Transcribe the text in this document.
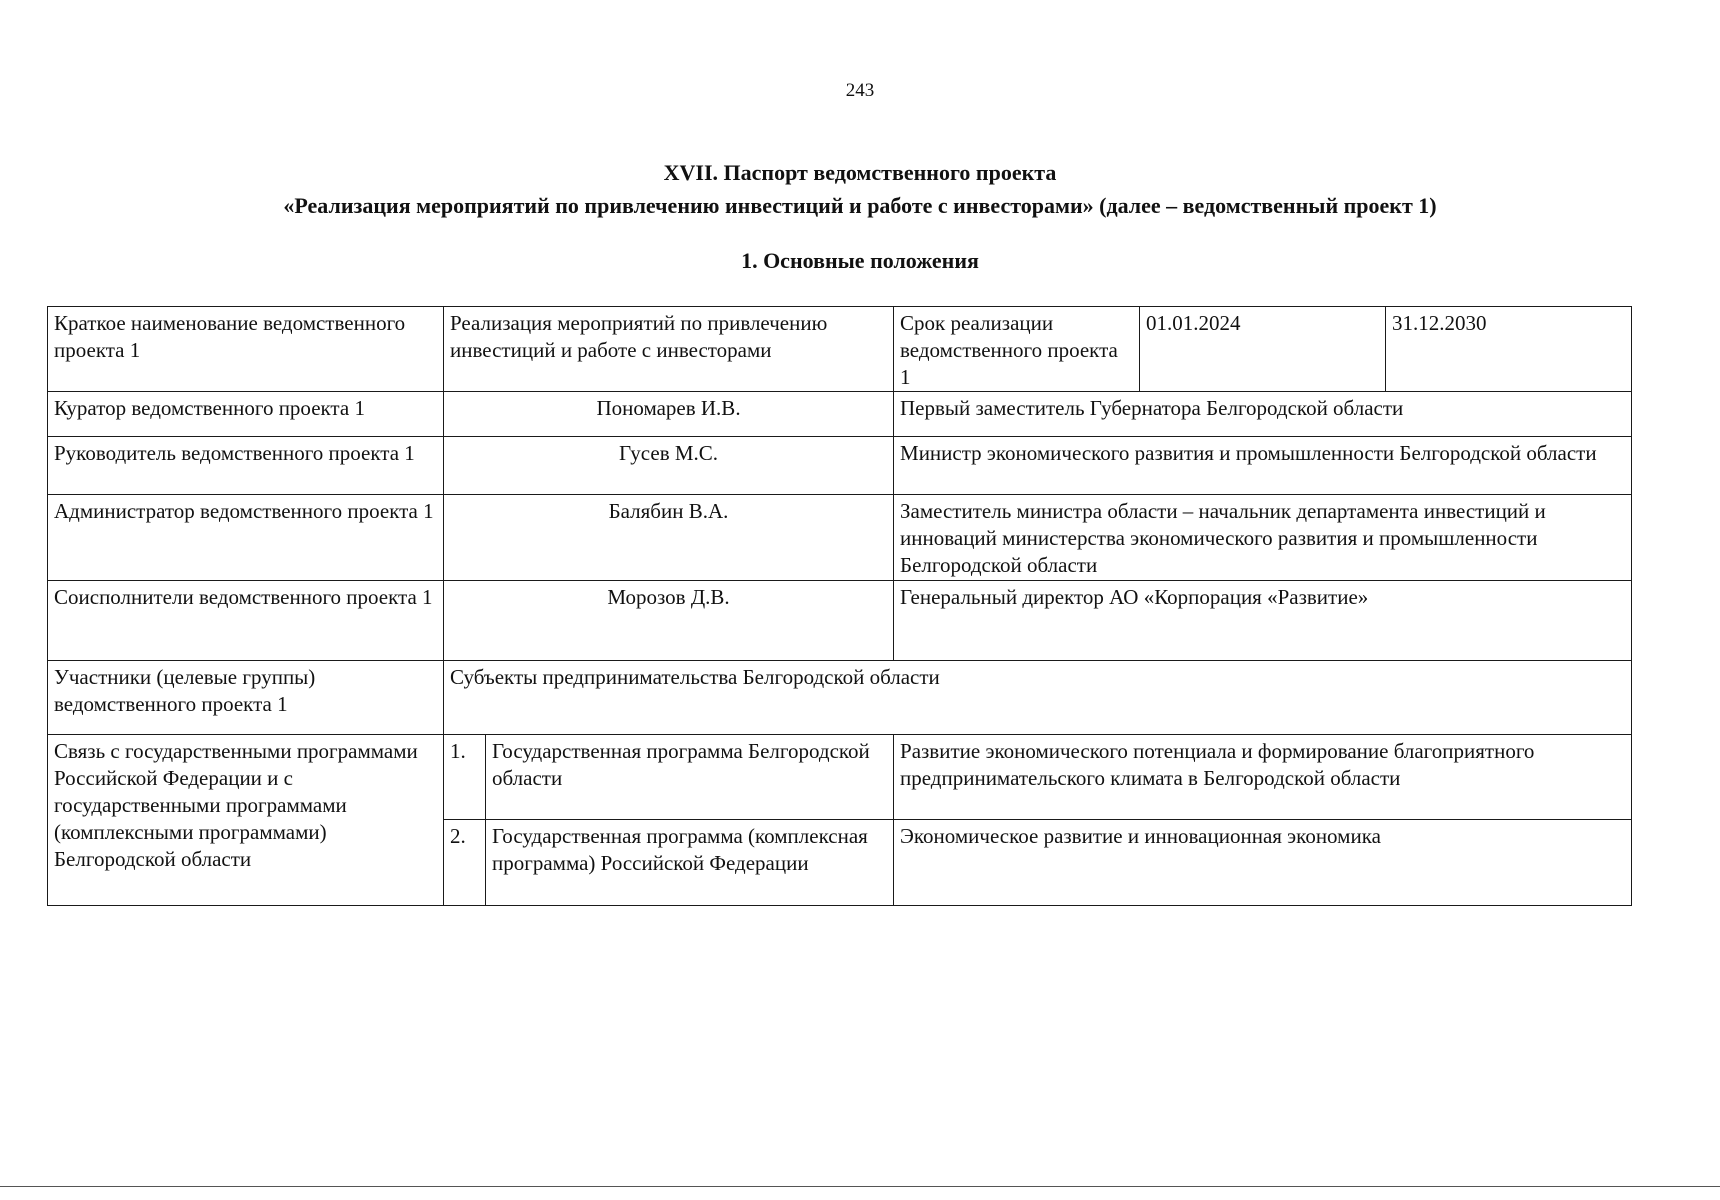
243
XVII. Паспорт ведомственного проекта
«Реализация мероприятий по привлечению инвестиций и работе с инвесторами» (далее – ведомственный проект 1)
1. Основные положения
Краткое наименование ведомственного проекта 1	Реализация мероприятий по привлечению инвестиций и работе с инвесторами		Срок реализации ведомственного проекта 1	01.01.2024	31.12.2030
Куратор ведомственного проекта 1	Пономарев И.В.		Первый заместитель Губернатора Белгородской области		
Руководитель ведомственного проекта 1	Гусев М.С.		Министр экономического развития и промышленности Белгородской области		
Администратор ведомственного проекта 1	Балябин В.А.		Заместитель министра области – начальник департамента инвестиций и инноваций министерства экономического развития и промышленности Белгородской области		
Соисполнители ведомственного проекта 1	Морозов Д.В.		Генеральный директор АО «Корпорация «Развитие»		
Участники (целевые группы) ведомственного проекта 1	Субъекты предпринимательства Белгородской области				
Связь с государственными программами Российской Федерации и с государственными программами (комплексными программами) Белгородской области	1.	Государственная программа Белгородской области	Развитие экономического потенциала и формирование благоприятного предпринимательского климата в Белгородской области		
	2.	Государственная программа (комплексная программа) Российской Федерации	Экономическое развитие и инновационная экономика		
